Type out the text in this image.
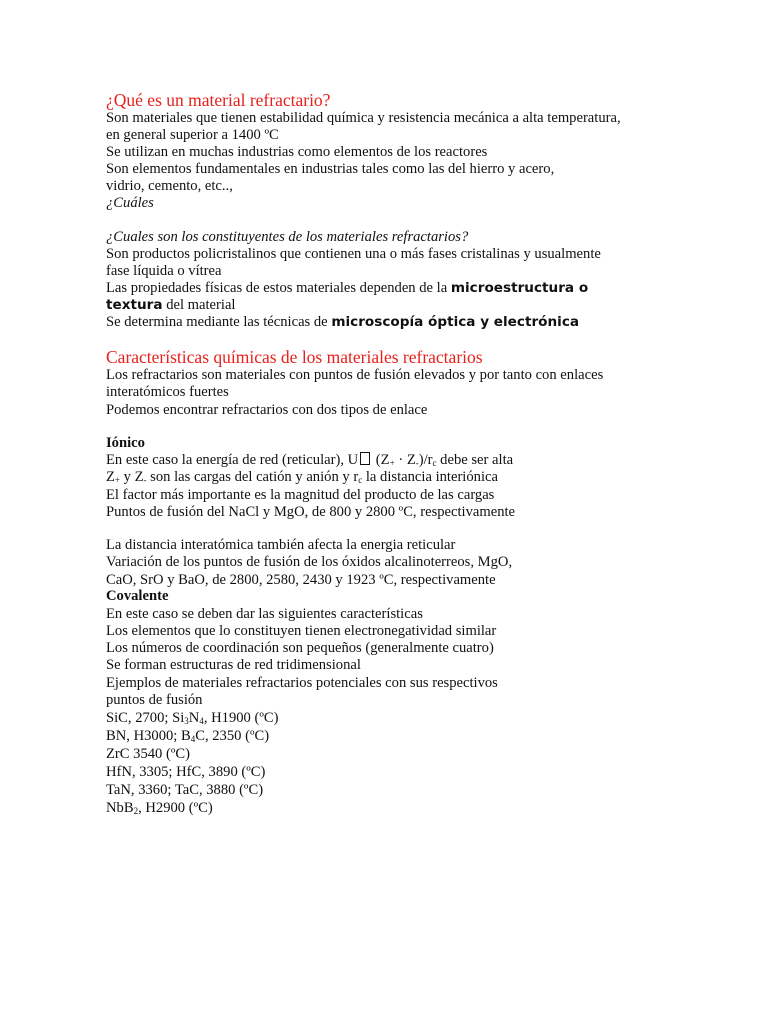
¿Qué es un material refractario?
Son materiales que tienen estabilidad química y resistencia mecánica a alta temperatura,
en general superior a 1400 ºC
Se utilizan en muchas industrias como elementos de los reactores
Son elementos fundamentales en industrias tales como las del hierro y acero,
vidrio, cemento, etc..,
¿Cuáles
¿Cuales son los constituyentes de los materiales refractarios?
Son productos policristalinos que contienen una o más fases cristalinas y usualmente
fase líquida o vítrea
Las propiedades físicas de estos materiales dependen de la microestructura o
textura del material
Se determina mediante las técnicas de microscopía óptica y electrónica
Características químicas de los materiales refractarios
Los refractarios son materiales con puntos de fusión elevados y por tanto con enlaces
interatómicos fuertes
Podemos encontrar refractarios con dos tipos de enlace
Iónico
En este caso la energía de red (reticular), U $(Z_+ \cdot Z_-)/r_c$ debe ser alta
$Z_+$ y $Z_-$ son las cargas del catión y anión y $r_c$ la distancia interiónica
El factor más importante es la magnitud del producto de las cargas
Puntos de fusión del NaCl y MgO, de 800 y 2800 ºC, respectivamente
La distancia interatómica también afecta la energia reticular
Variación de los puntos de fusión de los óxidos alcalinoterreos, MgO,
CaO, SrO y BaO, de 2800, 2580, 2430 y 1923 ºC, respectivamente
Covalente
En este caso se deben dar las siguientes características
Los elementos que lo constituyen tienen electronegatividad similar
Los números de coordinación son pequeños (generalmente cuatro)
Se forman estructuras de red tridimensional
Ejemplos de materiales refractarios potenciales con sus respectivos
puntos de fusión
SiC, 2700; $Si_3N_4$, H1900 (ºC)
BN, H3000; $B_4C$, 2350 (ºC)
ZrC 3540 (ºC)
HfN, 3305; HfC, 3890 (ºC)
TaN, 3360; TaC, 3880 (ºC)
NbB$_2$, H2900 (ºC)
